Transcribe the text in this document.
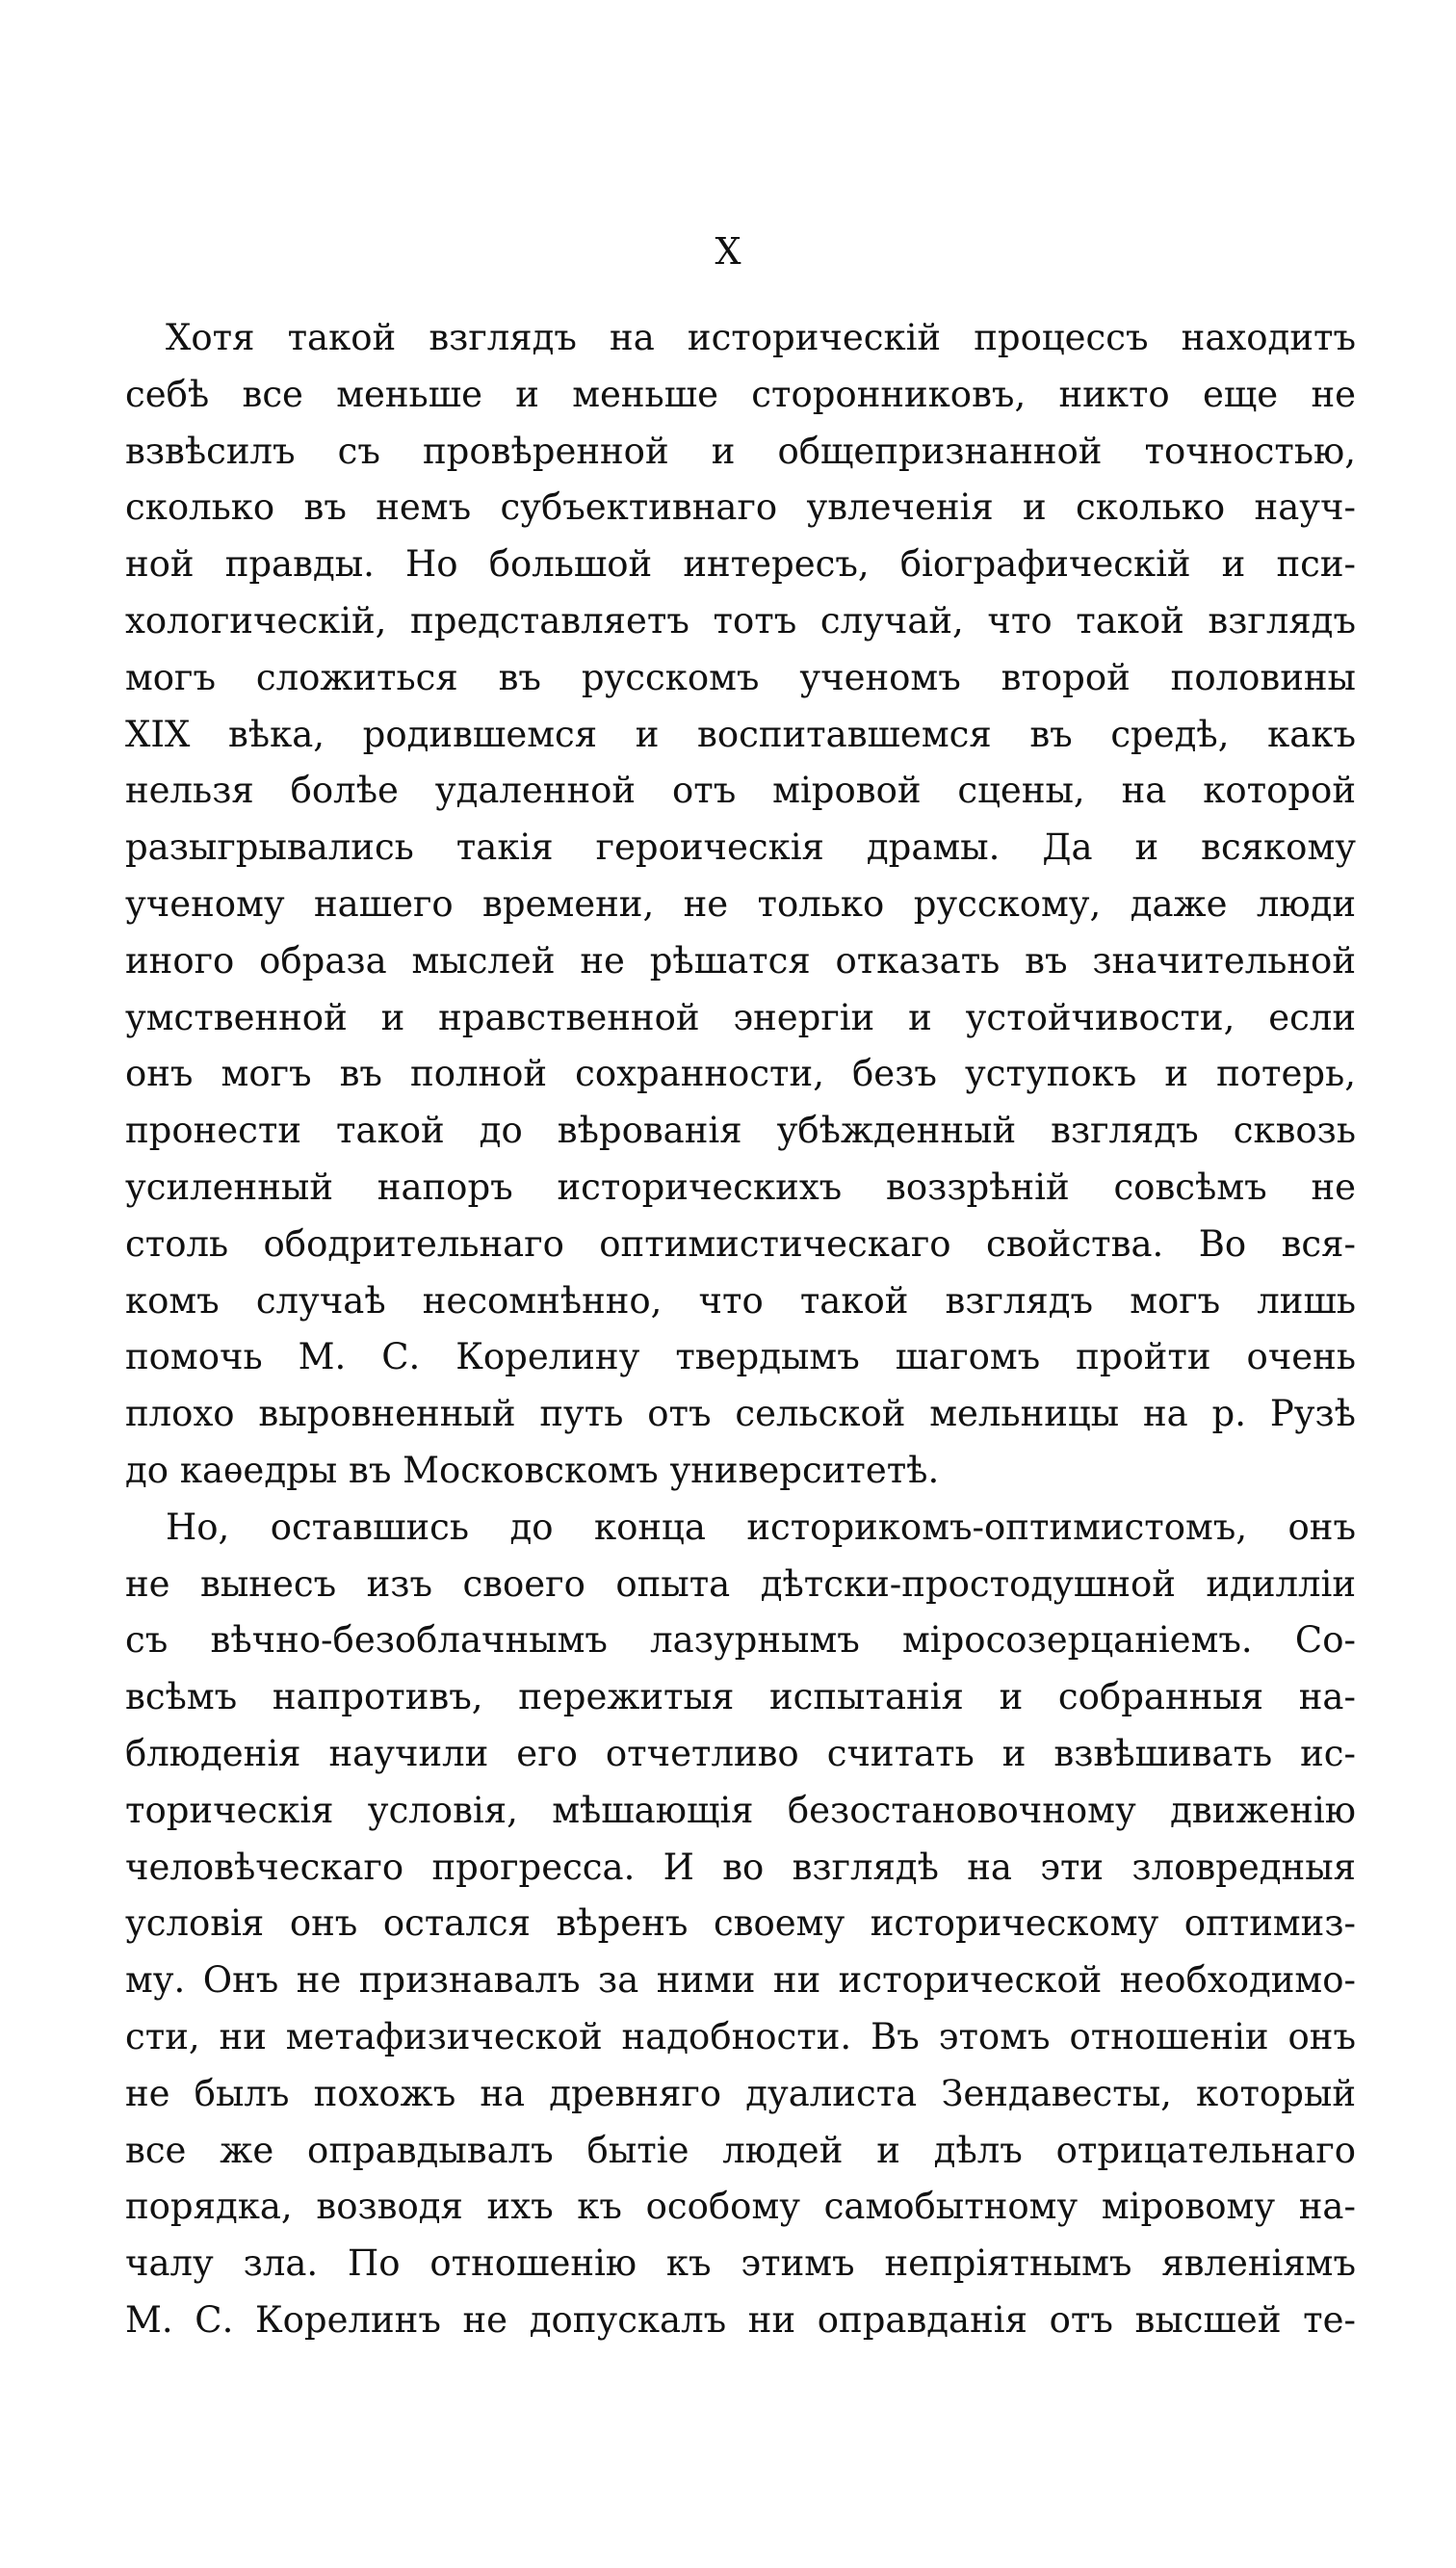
X
Хотя такой взглядъ на историческій процессъ находитъ
себѣ все меньше и меньше сторонниковъ, никто еще не
взвѣсилъ съ провѣренной и общепризнанной точностью,
сколько въ немъ субъективнаго увлеченія и сколько науч-
ной правды. Но большой интересъ, біографическій и пси-
хологическій, представляетъ тотъ случай, что такой взглядъ
могъ сложиться въ русскомъ ученомъ второй половины
XIX вѣка, родившемся и воспитавшемся въ средѣ, какъ
нельзя болѣе удаленной отъ міровой сцены, на которой
разыгрывались такія героическія драмы. Да и всякому
ученому нашего времени, не только русскому, даже люди
иного образа мыслей не рѣшатся отказать въ значительной
умственной и нравственной энергіи и устойчивости, если
онъ могъ въ полной сохранности, безъ уступокъ и потерь,
пронести такой до вѣрованія убѣжденный взглядъ сквозь
усиленный напоръ историческихъ воззрѣній совсѣмъ не
столь ободрительнаго оптимистическаго свойства. Во вся-
комъ случаѣ несомнѣнно, что такой взглядъ могъ лишь
помочь М. С. Корелину твердымъ шагомъ пройти очень
плохо выровненный путь отъ сельской мельницы на р. Рузѣ
до каѳедры въ Московскомъ университетѣ.
Но, оставшись до конца историкомъ-оптимистомъ, онъ
не вынесъ изъ своего опыта дѣтски-простодушной идилліи
съ вѣчно-безоблачнымъ лазурнымъ міросозерцаніемъ. Со-
всѣмъ напротивъ, пережитыя испытанія и собранныя на-
блюденія научили его отчетливо считать и взвѣшивать ис-
торическія условія, мѣшающія безостановочному движенію
человѣческаго прогресса. И во взглядѣ на эти зловредныя
условія онъ остался вѣренъ своему историческому оптимиз-
му. Онъ не признавалъ за ними ни исторической необходимо-
сти, ни метафизической надобности. Въ этомъ отношеніи онъ
не былъ похожъ на древняго дуалиста Зендавесты, который
все же оправдывалъ бытіе людей и дѣлъ отрицательнаго
порядка, возводя ихъ къ особому самобытному міровому на-
чалу зла. По отношенію къ этимъ непріятнымъ явленіямъ
М. С. Корелинъ не допускалъ ни оправданія отъ высшей те-
